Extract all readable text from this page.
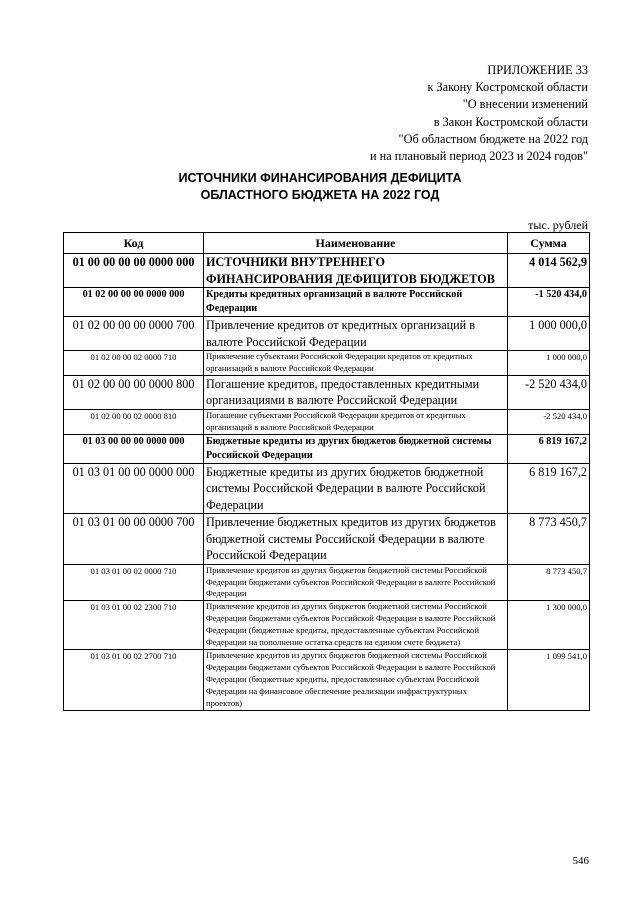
ПРИЛОЖЕНИЕ 33
к Закону Костромской области
"О внесении изменений
в Закон Костромской области
"Об областном бюджете на 2022 год
и на плановый период 2023 и 2024 годов"
ИСТОЧНИКИ ФИНАНСИРОВАНИЯ ДЕФИЦИТА
ОБЛАСТНОГО БЮДЖЕТА НА 2022 ГОД
тыс. рублей
Код	Наименование	Сумма
01 00 00 00 00 0000 000	ИСТОЧНИКИ ВНУТРЕННЕГО ФИНАНСИРОВАНИЯ ДЕФИЦИТОВ БЮДЖЕТОВ	4 014 562,9
01 02 00 00 00 0000 000	Кредиты кредитных организаций в валюте Российской Федерации	-1 520 434,0
01 02 00 00 00 0000 700	Привлечение кредитов от кредитных организаций в валюте Российской Федерации	1 000 000,0
01 02 00 00 02 0000 710	Привлечение субъектами Российской Федерации кредитов от кредитных организаций в валюте Российской Федерации	1 000 000,0
01 02 00 00 00 0000 800	Погашение кредитов, предоставленных кредитными организациями в валюте Российской Федерации	-2 520 434,0
01 02 00 00 02 0000 810	Погашение субъектами Российской Федерации кредитов от кредитных организаций в валюте Российской Федерации	-2 520 434,0
01 03 00 00 00 0000 000	Бюджетные кредиты из других бюджетов бюджетной системы Российской Федерации	6 819 167,2
01 03 01 00 00 0000 000	Бюджетные кредиты из других бюджетов бюджетной системы Российской Федерации в валюте Российской Федерации	6 819 167,2
01 03 01 00 00 0000 700	Привлечение бюджетных кредитов из других бюджетов бюджетной системы Российской Федерации в валюте Российской Федерации	8 773 450,7
01 03 01 00 02 0000 710	Привлечение кредитов из других бюджетов бюджетной системы Российской Федерации бюджетами субъектов Российской Федерации в валюте Российской Федерации	8 773 450,7
01 03 01 00 02 2300 710	Привлечение кредитов из других бюджетов бюджетной системы Российской Федерации бюджетами субъектов Российской Федерации в валюте Российской Федерации (бюджетные кредиты, предоставленные субъектам Российской Федерации на пополнение остатка средств на едином счете бюджета)	1 300 000,0
01 03 01 00 02 2700 710	Привлечение кредитов из других бюджетов бюджетной системы Российской Федерации бюджетами субъектов Российской Федерации в валюте Российской Федерации (бюджетные кредиты, предоставленные субъектам Российской Федерации на финансовое обеспечение реализации инфраструктурных проектов)	1 099 541,0
546
